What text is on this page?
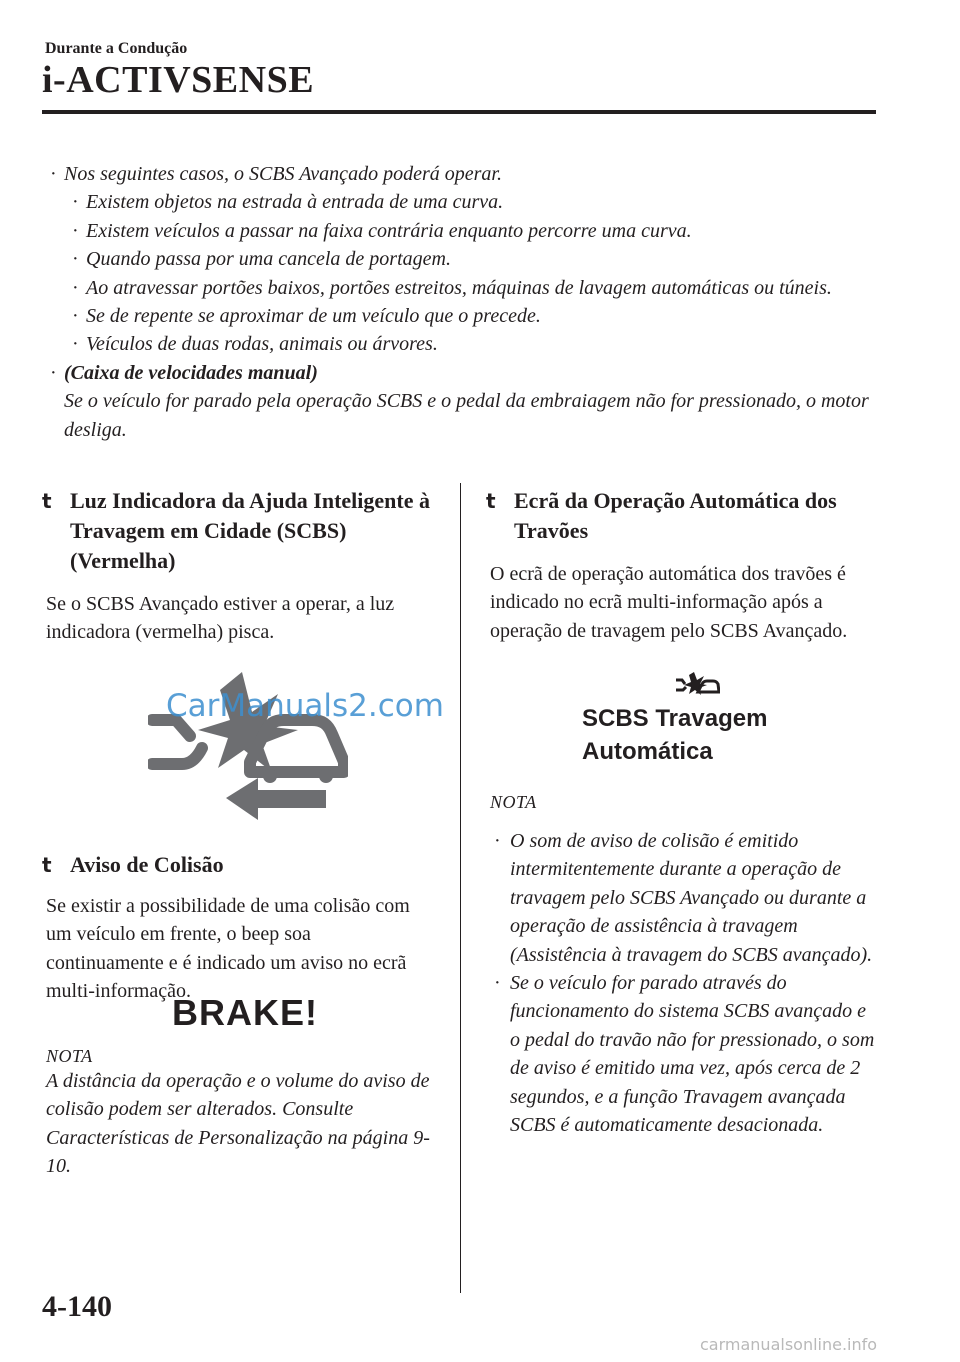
Durante a Condução
i-ACTIVSENSE
· Nos seguintes casos, o SCBS Avançado poderá operar.
· Existem objetos na estrada à entrada de uma curva.
· Existem veículos a passar na faixa contrária enquanto percorre uma curva.
· Quando passa por uma cancela de portagem.
· Ao atravessar portões baixos, portões estreitos, máquinas de lavagem automáticas ou túneis.
· Se de repente se aproximar de um veículo que o precede.
· Veículos de duas rodas, animais ou árvores.
· (Caixa de velocidades manual)
Se o veículo for parado pela operação SCBS e o pedal da embraiagem não for pressionado, o motor desliga.
t Luz Indicadora da Ajuda Inteligente à Travagem em Cidade (SCBS) (Vermelha)
Se o SCBS Avançado estiver a operar, a luz indicadora (vermelha) pisca.
CarManuals2.com
t Aviso de Colisão
Se existir a possibilidade de uma colisão com um veículo em frente, o beep soa continuamente e é indicado um aviso no ecrã multi-informação.
BRAKE!
NOTA
A distância da operação e o volume do aviso de colisão podem ser alterados. Consulte Características de Personalização na página 9-10.
t Ecrã da Operação Automática dos Travões
O ecrã de operação automática dos travões é indicado no ecrã multi-informação após a operação de travagem pelo SCBS Avançado.
SCBS Travagem
Automática
NOTA
· O som de aviso de colisão é emitido intermitentemente durante a operação de travagem pelo SCBS Avançado ou durante a operação de assistência à travagem (Assistência à travagem do SCBS avançado).
· Se o veículo for parado através do funcionamento do sistema SCBS avançado e o pedal do travão não for pressionado, o som de aviso é emitido uma vez, após cerca de 2 segundos, e a função Travagem avançada SCBS é automaticamente desacionada.
4-140
carmanualsonline.info
